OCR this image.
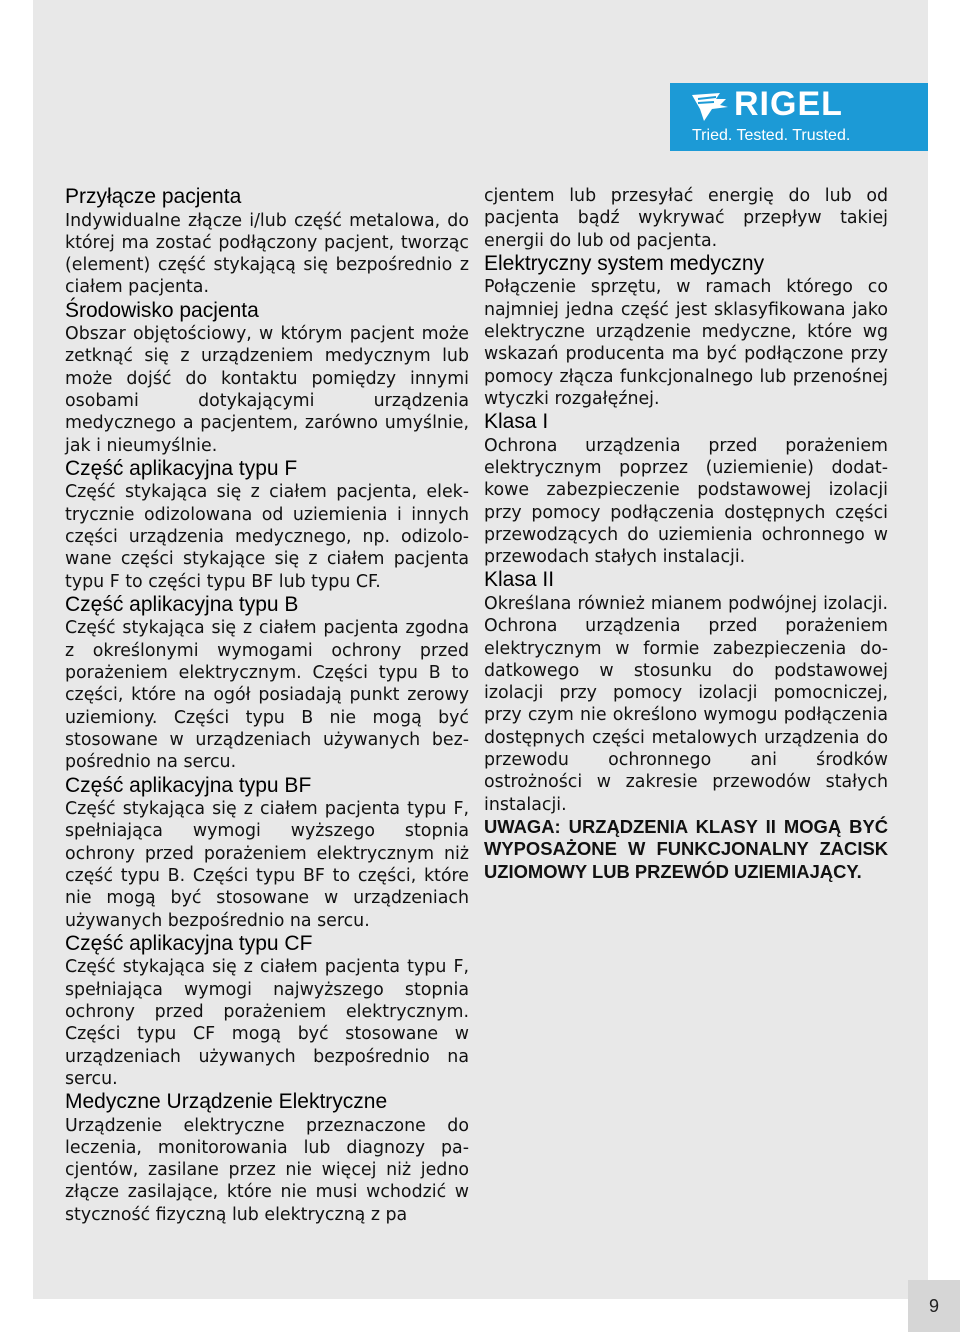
RIGEL
Tried. Tested. Trusted.
Przyłącze pacjenta

Indywidualne złącze i/lub część metalowa, do której ma zostać podłączony pacjent, tworząc (element) część stykającą się bezpośrednio z ciałem pacjenta.

Środowisko pacjenta

Obszar objętościowy, w którym pacjent może zetknąć się z urządzeniem medycznym lub może dojść do kontaktu pomiędzy innymi osobami dotykającymi urządzenia medycznego a pacjentem, zarówno umyślnie, jak i nieumyślnie.

Część aplikacyjna typu F

Część stykająca się z ciałem pacjenta, elektrycznie odizolowana od uziemienia i innych części urządzenia medycznego, np. odizolowane części stykające się z ciałem pacjenta typu F to części typu BF lub typu CF.

Część aplikacyjna typu B

Część stykająca się z ciałem pacjenta zgodna z określonymi wymogami ochrony przed porażeniem elektrycznym. Części typu B to części, które na ogół posiadają punkt zerowy uziemiony. Części typu B nie mogą być stosowane w urządzeniach używanych bezpośrednio na sercu.

Część aplikacyjna typu BF

Część stykająca się z ciałem pacjenta typu F, spełniająca wymogi wyższego stopnia ochrony przed porażeniem elektrycznym niż część typu B. Części typu BF to części, które nie mogą być stosowane w urządzeniach używanych bezpośrednio na sercu.

Część aplikacyjna typu CF

Część stykająca się z ciałem pacjenta typu F, spełniająca wymogi najwyższego stopnia ochrony przed porażeniem elektrycznym. Części typu CF mogą być stosowane w urządzeniach używanych bezpośrednio na sercu.

Medyczne Urządzenie Elektryczne

Urządzenie elektryczne przeznaczone do leczenia, monitorowania lub diagnozy pacjentów, zasilane przez nie więcej niż jedno złącze zasilające, które nie musi wchodzić w styczność fizyczną lub elektryczną z pa

cjentem lub przesyłać energię do lub od pacjenta bądź wykrywać przepływ takiej energii do lub od pacjenta.

Elektryczny system medyczny

Połączenie sprzętu, w ramach którego co najmniej jedna część jest sklasyfikowana jako elektryczne urządzenie medyczne, które wg wskazań producenta ma być podłączone przy pomocy złącza funkcjonalnego lub przenośnej wtyczki rozgałęźnej.

Klasa I

Ochrona urządzenia przed porażeniem elektrycznym poprzez (uziemienie) dodatkowe zabezpieczenie podstawowej izolacji przy pomocy podłączenia dostępnych części przewodzących do uziemienia ochronnego w przewodach stałych instalacji.

Klasa II

Określana również mianem podwójnej izolacji. Ochrona urządzenia przed porażeniem elektrycznym w formie zabezpieczenia dodatkowego w stosunku do podstawowej izolacji przy pomocy izolacji pomocniczej, przy czym nie określono wymogu podłączenia dostępnych części metalowych urządzenia do przewodu ochronnego ani środków ostrożności w zakresie przewodów stałych instalacji.

UWAGA: URZĄDZENIA KLASY II MOGĄ BYĆ WYPOSAŻONE W FUNKCJONALNY ZACISK UZIOMOWY LUB PRZEWÓD UZIEMIAJĄCY.

9
